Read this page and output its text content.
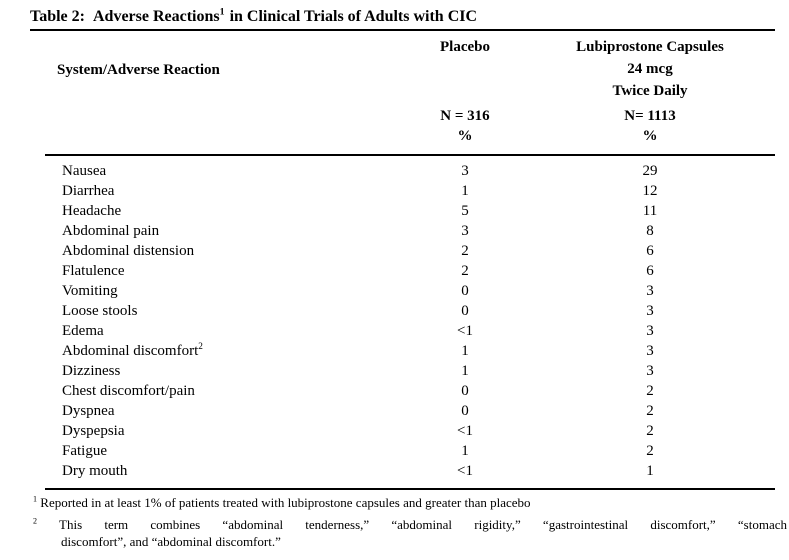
Table 2: Adverse Reactions$^1$ in Clinical Trials of Adults with CIC
System/Adverse Reaction
Placebo
N = 316
%
Lubiprostone Capsules
24 mcg
Twice Daily
N= 1113
%
Nausea	3	29
Diarrhea	1	12
Headache	5	11
Abdominal pain	3	8
Abdominal distension	2	6
Flatulence	2	6
Vomiting	0	3
Loose stools	0	3
Edema	<1	3
Abdominal discomfort$^2$	1	3
Dizziness	1	3
Chest discomfort/pain	0	2
Dyspnea	0	2
Dyspepsia	<1	2
Fatigue	1	2
Dry mouth	<1	1
$^1$ Reported in at least 1% of patients treated with lubiprostone capsules and greater than placebo
$^2$ This term combines “abdominal tenderness,” “abdominal rigidity,” “gastrointestinal discomfort,” “stomach
discomfort”, and “abdominal discomfort.”
